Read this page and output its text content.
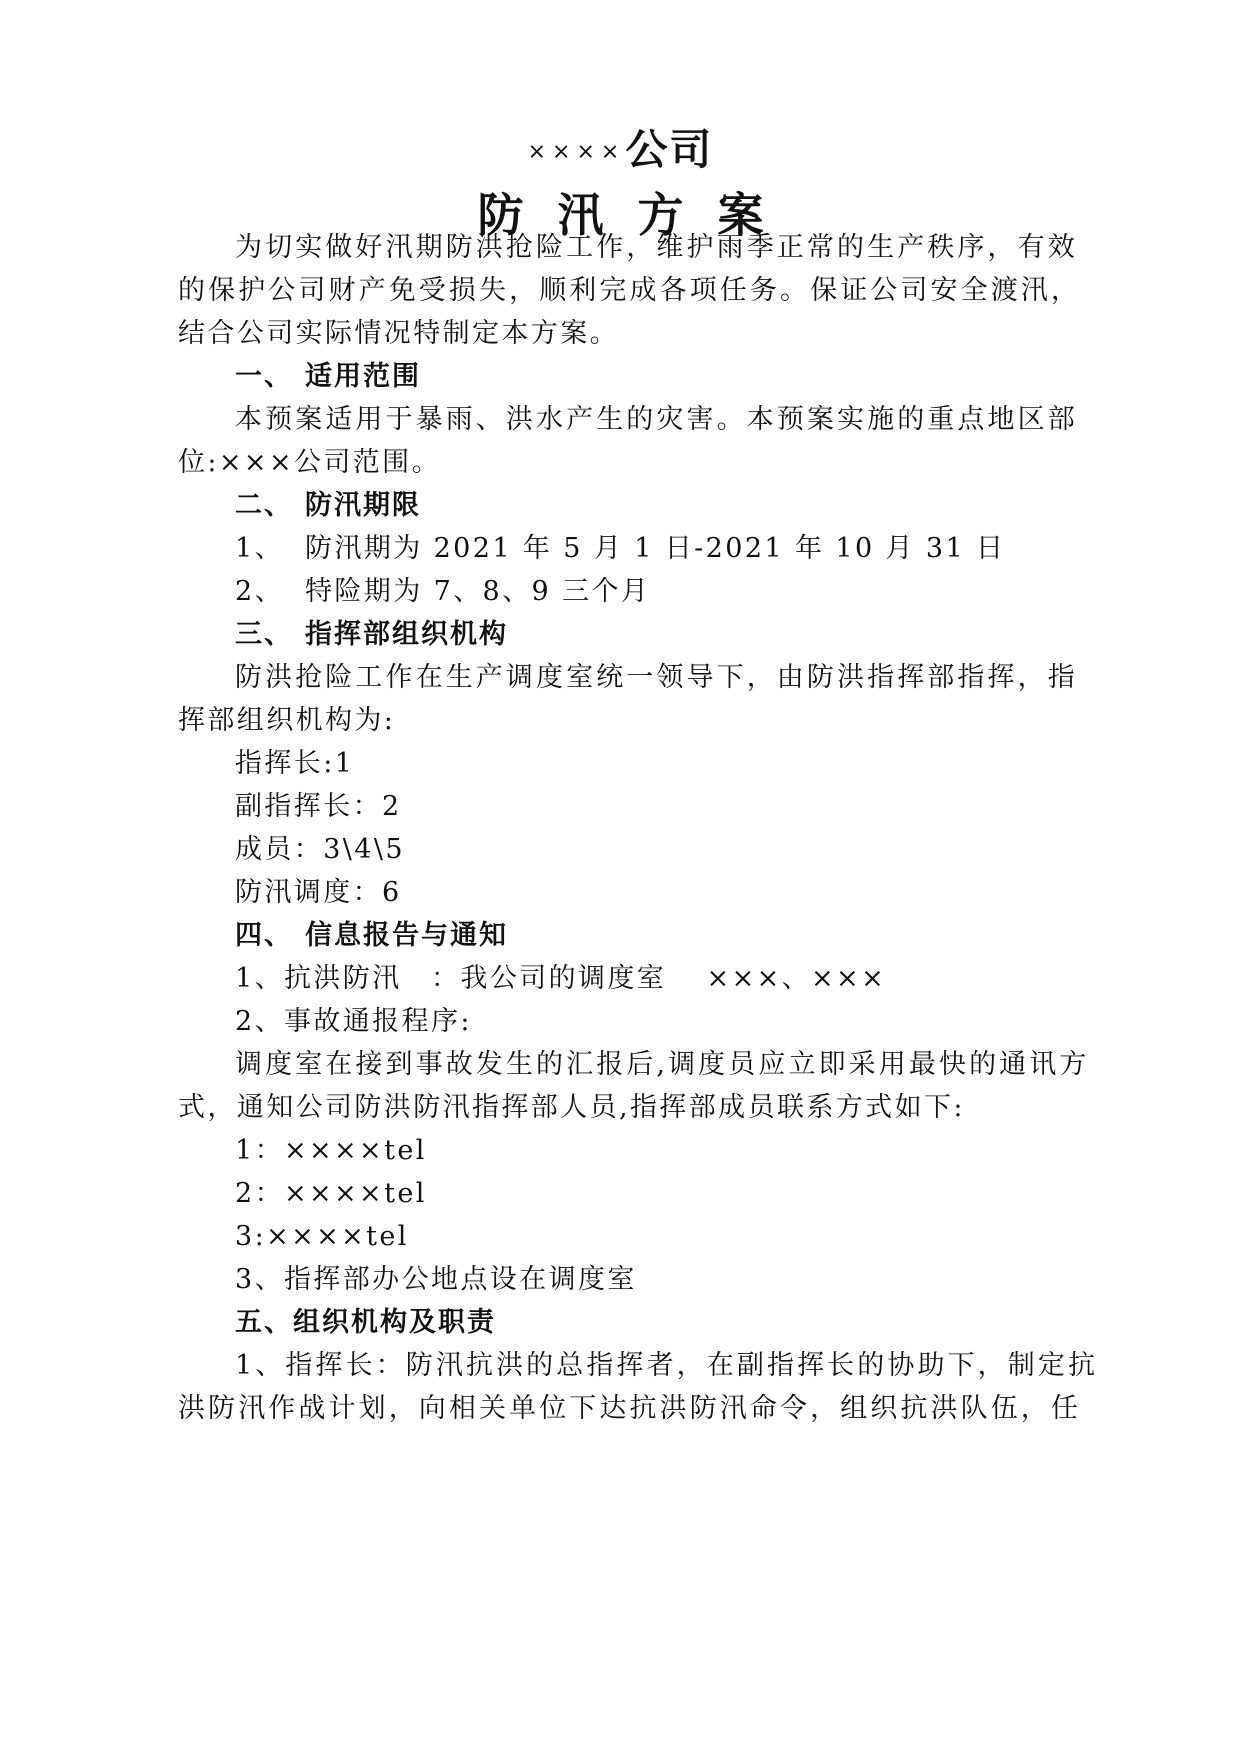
××××公司
防汛方案
为切实做好汛期防洪抢险工作，维护雨季正常的生产秩序，有效
的保护公司财产免受损失，顺利完成各项任务。保证公司安全渡汛，
结合公司实际情况特制定本方案。
一、 适用范围
本预案适用于暴雨、洪水产生的灾害。本预案实施的重点地区部
位:×××公司范围。
二、 防汛期限
1、 防汛期为 2021 年 5 月 1 日-2021 年 10 月 31 日
2、 特险期为 7、8、9 三个月
三、 指挥部组织机构
防洪抢险工作在生产调度室统一领导下，由防洪指挥部指挥，指
挥部组织机构为:
指挥长:1
副指挥长：2
成员：3\4\5
防汛调度：6
四、 信息报告与通知
1、抗洪防汛　：我公司的调度室　 ×××、×××
2、事故通报程序:
调度室在接到事故发生的汇报后,调度员应立即采用最快的通讯方
式，通知公司防洪防汛指挥部人员,指挥部成员联系方式如下:
1：××××tel
2：××××tel
3:××××tel
3、指挥部办公地点设在调度室
五、组织机构及职责
1、指挥长：防汛抗洪的总指挥者，在副指挥长的协助下，制定抗
洪防汛作战计划，向相关单位下达抗洪防汛命令，组织抗洪队伍，任
